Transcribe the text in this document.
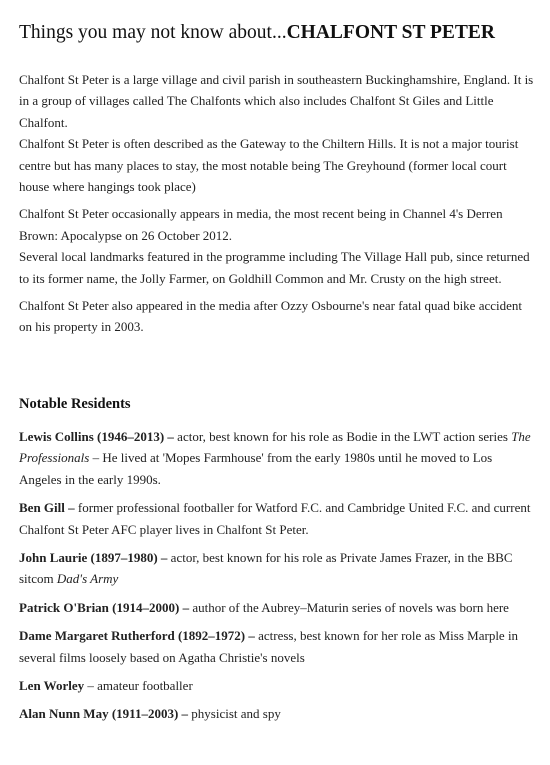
Things you may not know about...CHALFONT ST PETER

Chalfont St Peter is a large village and civil parish in southeastern Buckinghamshire, England. It is in a group of villages called The Chalfonts which also includes Chalfont St Giles and Little Chalfont.

Chalfont St Peter is often described as the Gateway to the Chiltern Hills. It is not a major tourist centre but has many places to stay, the most notable being The Greyhound (former local court house where hangings took place)

Chalfont St Peter occasionally appears in media, the most recent being in Channel 4's Derren Brown: Apocalypse on 26 October 2012.

Several local landmarks featured in the programme including The Village Hall pub, since returned to its former name, the Jolly Farmer, on Goldhill Common and Mr. Crusty on the high street.

Chalfont St Peter also appeared in the media after Ozzy Osbourne's near fatal quad bike accident on his property in 2003.

Notable Residents

Lewis Collins (1946–2013) – actor, best known for his role as Bodie in the LWT action series The Professionals – He lived at 'Mopes Farmhouse' from the early 1980s until he moved to Los Angeles in the early 1990s.

Ben Gill – former professional footballer for Watford F.C. and Cambridge United F.C. and current Chalfont St Peter AFC player lives in Chalfont St Peter.

John Laurie (1897–1980) – actor, best known for his role as Private James Frazer, in the BBC sitcom Dad's Army

Patrick O'Brian (1914–2000) – author of the Aubrey–Maturin series of novels was born here

Dame Margaret Rutherford (1892–1972) – actress, best known for her role as Miss Marple in several films loosely based on Agatha Christie's novels

Len Worley – amateur footballer

Alan Nunn May (1911–2003) – physicist and spy
